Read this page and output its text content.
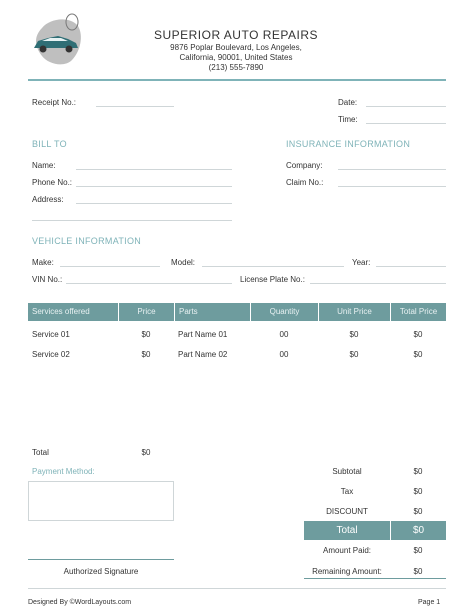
SUPERIOR AUTO REPAIRS
9876 Poplar Boulevard, Los Angeles,
California, 90001, United States
(213) 555-7890
Receipt No.:	Date:
Time:
BILL TO
Name:
Phone No.:
Address:
INSURANCE INFORMATION
Company:
Claim No.:
VEHICLE INFORMATION
Make:	Model:	Year:
VIN No.:	License Plate No.:
Services offered	Price	Parts	Quantity	Unit Price	Total Price
Service 01	$0	Part Name 01	00	$0	$0
Service 02	$0	Part Name 02	00	$0	$0
Total	$0
Payment Method:	Subtotal	$0
Tax	$0
DISCOUNT	$0
Total	$0
Amount Paid:	$0
Remaining Amount:	$0
Authorized Signature
Designed By ©WordLayouts.com	Page 1
